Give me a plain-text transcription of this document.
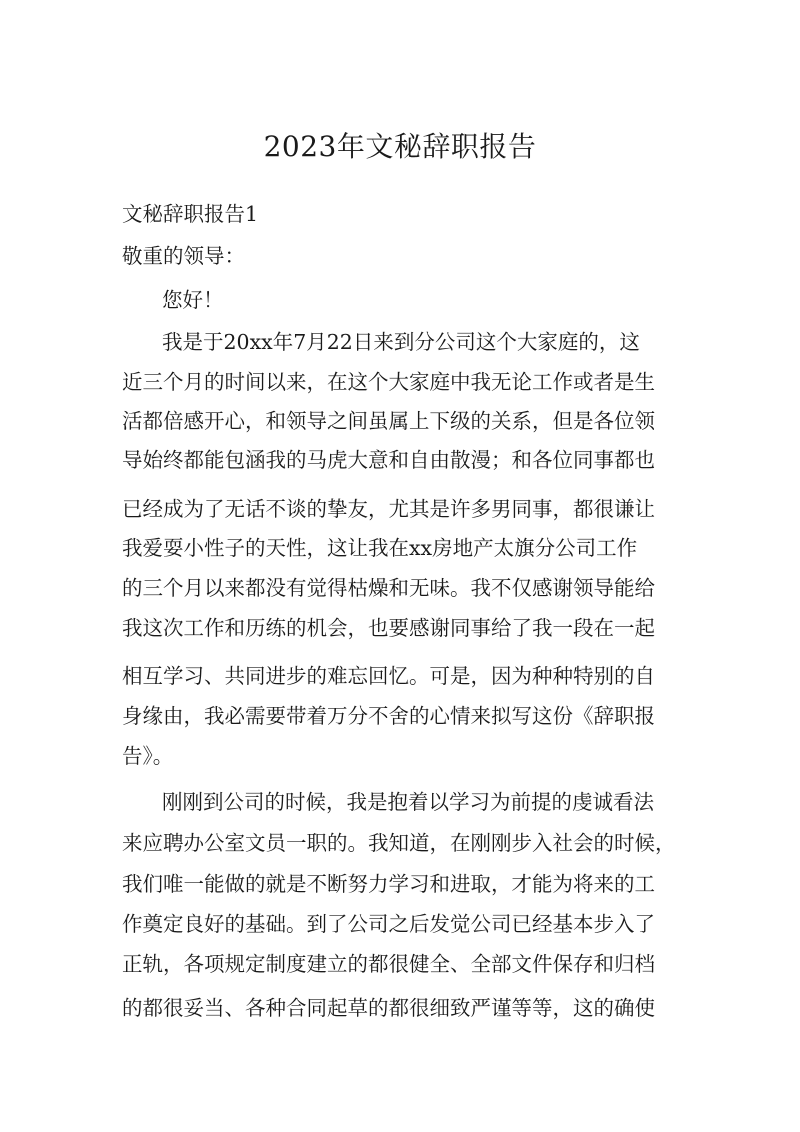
2023年文秘辞职报告
文秘辞职报告1
敬重的领导：
您好！
我是于20xx年7月22日来到分公司这个大家庭的，这
近三个月的时间以来，在这个大家庭中我无论工作或者是生
活都倍感开心，和领导之间虽属上下级的关系，但是各位领
导始终都能包涵我的马虎大意和自由散漫；和各位同事都也
已经成为了无话不谈的挚友，尤其是许多男同事，都很谦让
我爱耍小性子的天性，这让我在xx房地产太旗分公司工作
的三个月以来都没有觉得枯燥和无味。我不仅感谢领导能给
我这次工作和历练的机会，也要感谢同事给了我一段在一起
相互学习、共同进步的难忘回忆。可是，因为种种特别的自
身缘由，我必需要带着万分不舍的心情来拟写这份《辞职报
告》。
刚刚到公司的时候，我是抱着以学习为前提的虔诚看法
来应聘办公室文员一职的。我知道，在刚刚步入社会的时候，
我们唯一能做的就是不断努力学习和进取，才能为将来的工
作奠定良好的基础。到了公司之后发觉公司已经基本步入了
正轨，各项规定制度建立的都很健全、全部文件保存和归档
的都很妥当、各种合同起草的都很细致严谨等等，这的确使
